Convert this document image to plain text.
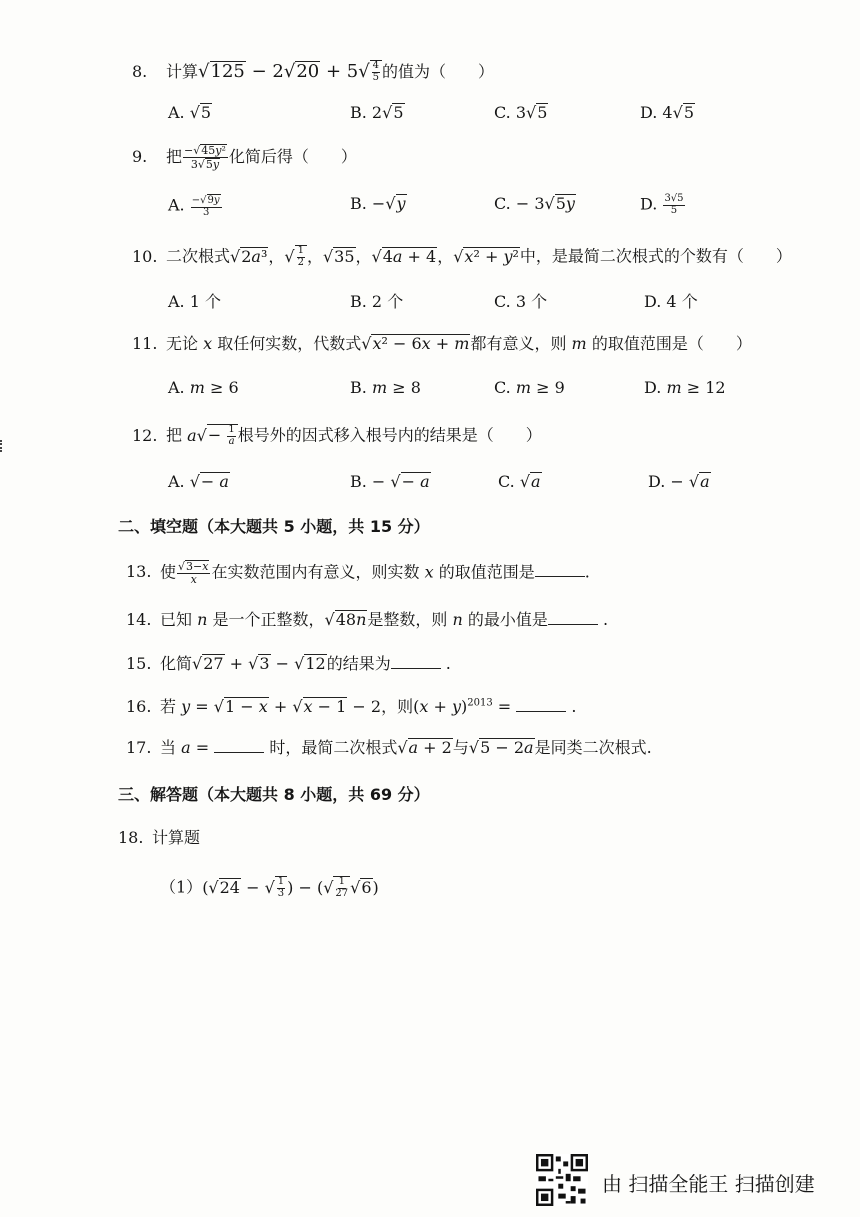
8. 计算$√125 - 2√20 + 5√ \frac{4}{5}$ 的值为（　　）
A. √5	B. 2√5	C. 3√5	D. 4√5
9. 把 $\frac{\text{−√45y²}}{3√5y}$ 化简后得（　　）
A. $\frac{-√9y}{3}$	B. −√y	C. − 3√5y	D. $\frac{3√5}{5}$
10. 二次根式√2a³，√ $\frac{1}{2}$ ，√35，√4a + 4，√x² + y²中，是最简二次根式的个数有（　　）
A. 1 个	B. 2 个	C. 3 个	D. 4 个
11. 无论 x 取任何实数，代数式√x² − 6x + m都有意义，则 m 的取值范围是（　　）
A. m ≥ 6	B. m ≥ 8	C. m ≥ 9	D. m ≥ 12
12. 把 $a√- \frac{1}{a}$ 根号外的因式移入根号内的结果是（　　）
A. √− a	B. − √− a	C. √a	D. − √a
二、填空题（本大题共 5 小题，共 15 分）
13. 使 $\frac{√3-x}{x}$ 在实数范围内有意义，则实数 x 的取值范围是	.
14. 已知 n 是一个正整数，√48n是整数，则 n 的最小值是	.
15. 化简√27 + √3 − √12的结果为	.
16. 若 y = √1 − x + √x − 1 − 2，则$(x + y)^{2013}$ =	.
17. 当 a =	时，最简二次根式√a + 2与√5 − 2a是同类二次根式.
三、解答题（本大题共 8 小题，共 69 分）
18. 计算题
（1）(√24 − √ $\frac{1}{3}$ ) − (√ $\frac{1}{27} √6$)
由 扫描全能王 扫描创建
